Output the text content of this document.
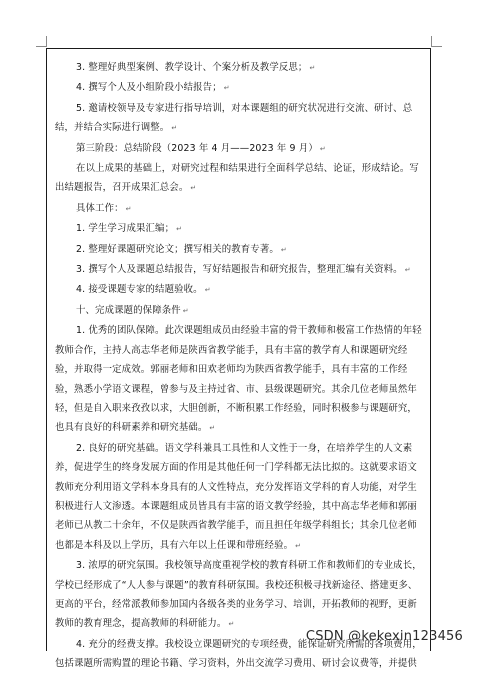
3. 整理好典型案例、教学设计、个案分析及教学反思； ↵

4. 撰写个人及小组阶段小结报告； ↵

5. 邀请校领导及专家进行指导培训，对本课题组的研究状况进行交流、研讨、总结，并结合实际进行调整。 ↵

第三阶段：总结阶段（2023 年 4 月——2023 年 9 月） ↵

在以上成果的基础上，对研究过程和结果进行全面科学总结、论证，形成结论。写出结题报告，召开成果汇总会。 ↵

具体工作： ↵

1. 学生学习成果汇编； ↵

2. 整理好课题研究论文；撰写相关的教育专著。 ↵

3. 撰写个人及课题总结报告，写好结题报告和研究报告，整理汇编有关资料。 ↵

4. 接受课题专家的结题验收。 ↵

十、完成课题的保障条件 ↵

1. 优秀的团队保障。此次课题组成员由经验丰富的骨干教师和极富工作热情的年轻教师合作，主持人高志华老师是陕西省教学能手，具有丰富的教学育人和课题研究经验，并取得一定成效。郭丽老师和田欢老师均为陕西省教学能手，具有丰富的工作经验，熟悉小学语文课程，曾参与及主持过省、市、县级课题研究。其余几位老师虽然年轻，但是自入职来孜孜以求，大胆创新，不断积累工作经验，同时积极参与课题研究，也具有良好的科研素养和研究基础。 ↵

2. 良好的研究基础。语文学科兼具工具性和人文性于一身，在培养学生的人文素养，促进学生的终身发展方面的作用是其他任何一门学科都无法比拟的。这就要求语文教师充分利用语文学科本身具有的人文性特点，充分发挥语文学科的育人功能，对学生积极进行人文渗透。本课题组成员皆具有丰富的语文教学经验，其中高志华老师和郭丽老师已从教二十余年，不仅是陕西省教学能手，而且担任年级学科组长；其余几位老师也都是本科及以上学历，具有六年以上任课和带班经验。 ↵

3. 浓厚的研究氛围。我校领导高度重视学校的教育科研工作和教师们的专业成长，学校已经形成了“人人参与课题”的教育科研氛围。我校还积极寻找新途径、搭建更多、更高的平台，经常派教师参加国内各级各类的业务学习、培训，开拓教师的视野，更新教师的教育理念，提高教师的科研能力。 ↵

4. 充分的经费支撑。我校设立课题研究的专项经费，能保证研究所需的各项费用，包括课题所需购置的理论书籍、学习资料，外出交流学习费用、研讨会议费等，并提供

CSDN @kekexin123456
